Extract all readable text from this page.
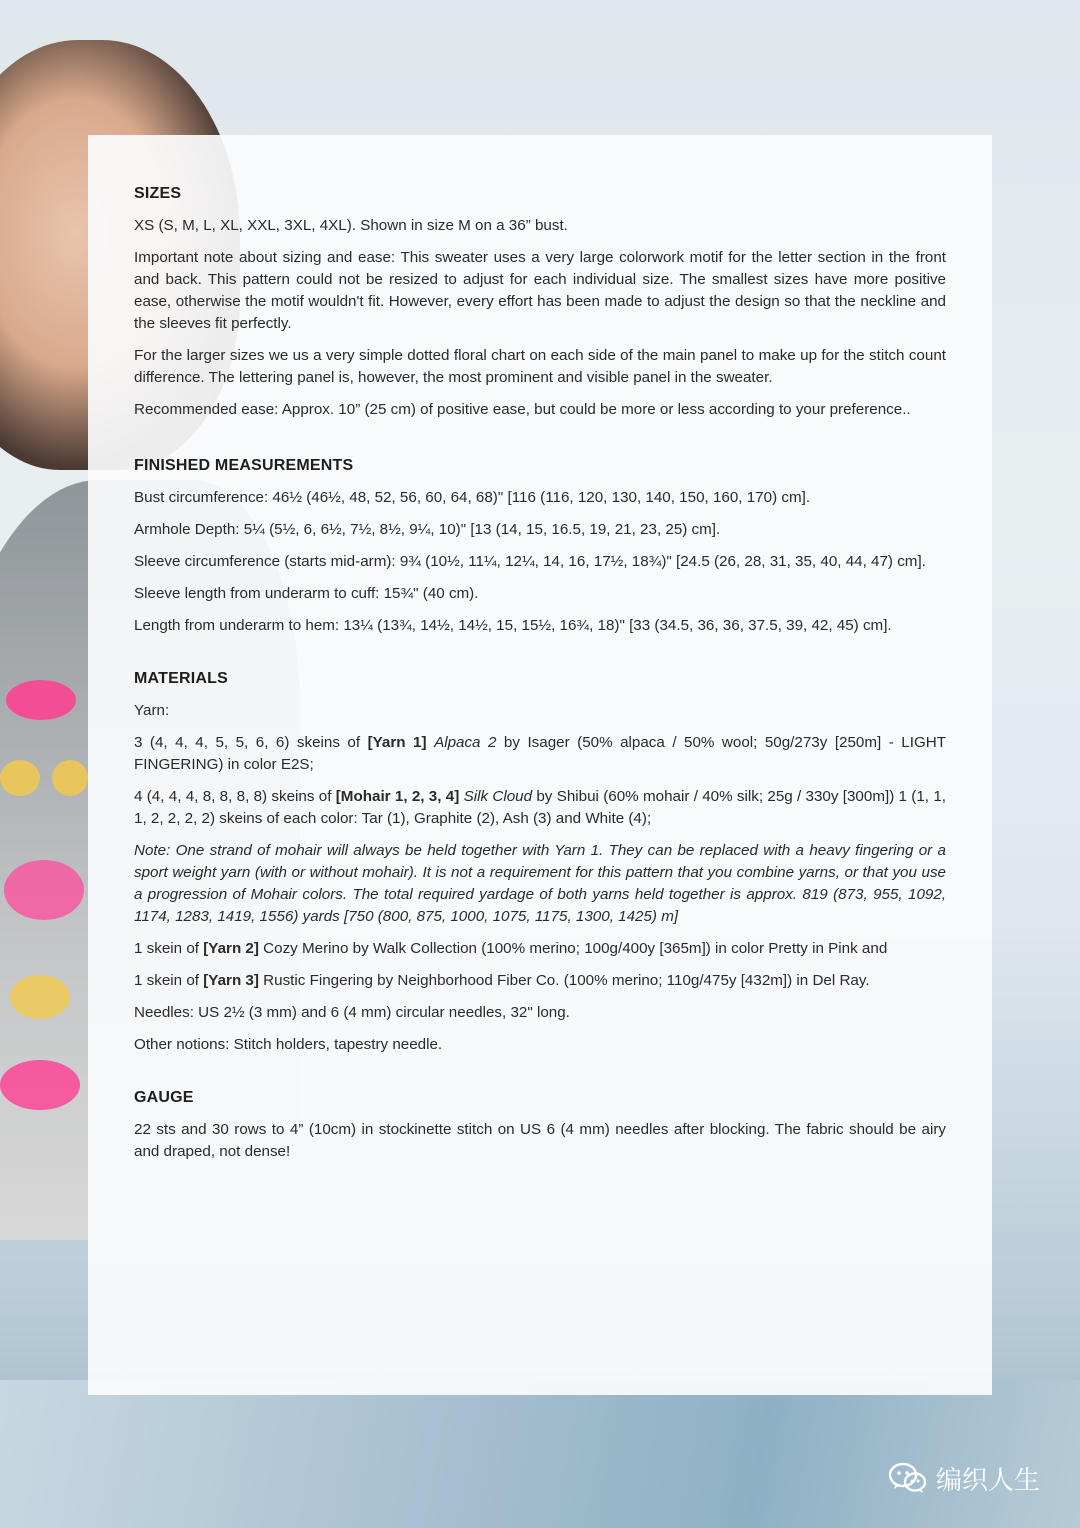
SIZES

XS (S, M, L, XL, XXL, 3XL, 4XL). Shown in size M on a 36” bust.

Important note about sizing and ease: This sweater uses a very large colorwork motif for the letter section in the front and back. This pattern could not be resized to adjust for each individual size. The smallest sizes have more positive ease, otherwise the motif wouldn't fit. However, every effort has been made to adjust the design so that the neckline and the sleeves fit perfectly.

For the larger sizes we us a very simple dotted floral chart on each side of the main panel to make up for the stitch count difference. The lettering panel is, however, the most prominent and visible panel in the sweater.

Recommended ease: Approx. 10” (25 cm) of positive ease, but could be more or less according to your preference..

FINISHED MEASUREMENTS

Bust circumference: 46½ (46½, 48, 52, 56, 60, 64, 68)" [116 (116, 120, 130, 140, 150, 160, 170) cm].

Armhole Depth: 5¼ (5½, 6, 6½, 7½, 8½, 9¼, 10)" [13 (14, 15, 16.5, 19, 21, 23, 25) cm].

Sleeve circumference (starts mid-arm): 9¾ (10½, 11¼, 12¼, 14, 16, 17½, 18¾)" [24.5 (26, 28, 31, 35, 40, 44, 47) cm].

Sleeve length from underarm to cuff: 15¾" (40 cm).

Length from underarm to hem: 13¼ (13¾, 14½, 14½, 15, 15½, 16¾, 18)" [33 (34.5, 36, 36, 37.5, 39, 42, 45) cm].

MATERIALS

Yarn:

3 (4, 4, 4, 5, 5, 6, 6) skeins of [Yarn 1] Alpaca 2 by Isager (50% alpaca / 50% wool; 50g/273y [250m] - LIGHT FINGERING) in color E2S;

4 (4, 4, 4, 8, 8, 8, 8) skeins of [Mohair 1, 2, 3, 4] Silk Cloud by Shibui (60% mohair / 40% silk; 25g / 330y [300m]) 1 (1, 1, 1, 2, 2, 2, 2) skeins of each color: Tar (1), Graphite (2), Ash (3) and White (4);

Note: One strand of mohair will always be held together with Yarn 1. They can be replaced with a heavy fingering or a sport weight yarn (with or without mohair). It is not a requirement for this pattern that you combine yarns, or that you use a progression of Mohair colors. The total required yardage of both yarns held together is approx. 819 (873, 955, 1092, 1174, 1283, 1419, 1556) yards [750 (800, 875, 1000, 1075, 1175, 1300, 1425) m]

1 skein of [Yarn 2] Cozy Merino by Walk Collection (100% merino; 100g/400y [365m]) in color Pretty in Pink and

1 skein of [Yarn 3] Rustic Fingering by Neighborhood Fiber Co. (100% merino; 110g/475y [432m]) in Del Ray.

Needles: US 2½ (3 mm) and 6 (4 mm) circular needles, 32" long.

Other notions: Stitch holders, tapestry needle.

GAUGE

22 sts and 30 rows to 4” (10cm) in stockinette stitch on US 6 (4 mm) needles after blocking. The fabric should be airy and draped, not dense!

编织人生
